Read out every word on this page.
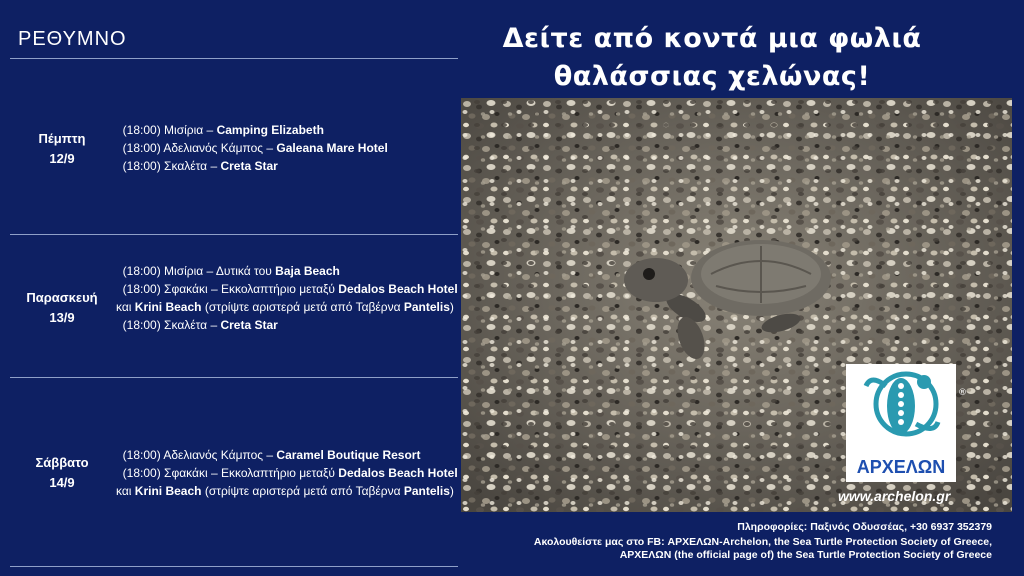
ΡΕΘΥΜΝΟ
Πέμπτη
12/9

(18:00) Μισίρια – Camping Elizabeth

(18:00) Αδελιανός Κάμπος – Galeana Mare Hotel

(18:00) Σκαλέτα – Creta Star

Παρασκευή
13/9

(18:00) Μισίρια – Δυτικά του Baja Beach

(18:00) Σφακάκι – Εκκολαπτήριο μεταξύ Dedalos Beach Hotel και Krini Beach (στρίψτε αριστερά μετά από Ταβέρνα Pantelis)

(18:00) Σκαλέτα – Creta Star

Σάββατο
14/9

(18:00) Αδελιανός Κάμπος – Caramel Boutique Resort

(18:00) Σφακάκι – Εκκολαπτήριο μεταξύ Dedalos Beach Hotel και Krini Beach (στρίψτε αριστερά μετά από Ταβέρνα Pantelis)

Δείτε από κοντά μια φωλιά
θαλάσσιας χελώνας!
ΑΡΧΕΛΩΝ
®
www.archelon.gr
Πληροφορίες: Παξινός Οδυσσέας, +30 6937 352379
Ακολουθείστε μας στο FB: ΑΡΧΕΛΩΝ-Archelon, the Sea Turtle Protection Society of Greece,
ΑΡΧΕΛΩΝ (the official page of) the Sea Turtle Protection Society of Greece
